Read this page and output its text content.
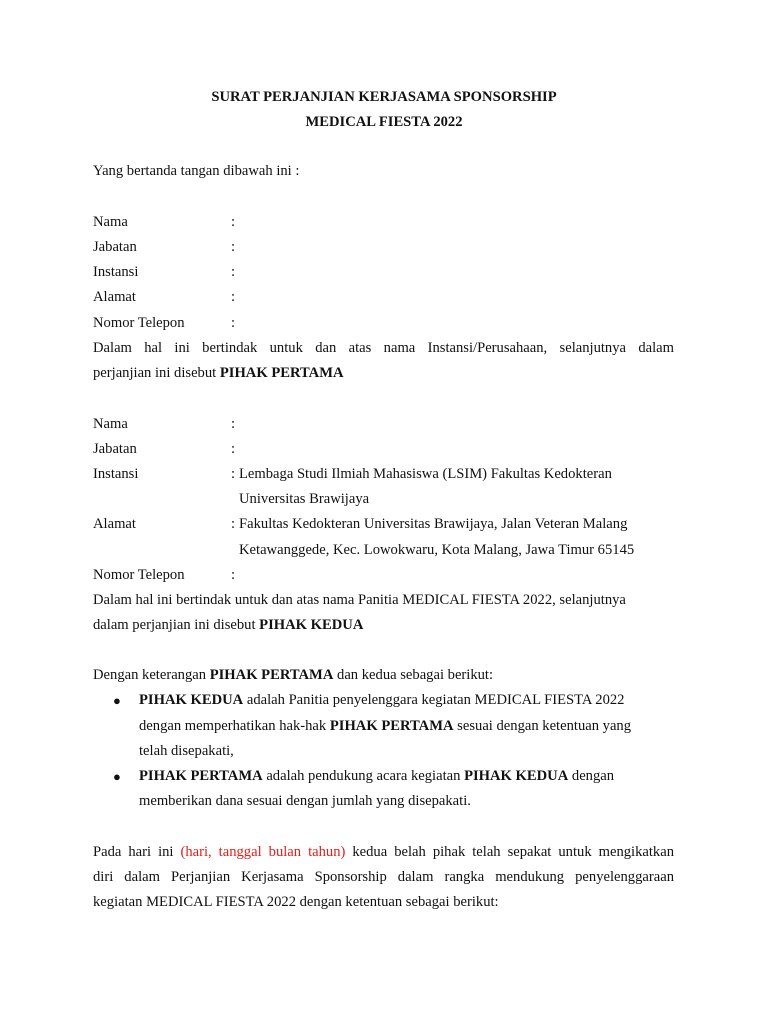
SURAT PERJANJIAN KERJASAMA SPONSORSHIP
MEDICAL FIESTA 2022
Yang bertanda tangan dibawah ini :
Nama	:
Jabatan	:
Instansi	:
Alamat	:
Nomor Telepon	:
Dalam hal ini bertindak untuk dan atas nama Instansi/Perusahaan, selanjutnya dalam
perjanjian ini disebut PIHAK PERTAMA
Nama	:
Jabatan	:
Instansi	: Lembaga Studi Ilmiah Mahasiswa (LSIM) Fakultas Kedokteran
Universitas Brawijaya
Alamat	: Fakultas Kedokteran Universitas Brawijaya, Jalan Veteran Malang
Ketawanggede, Kec. Lowokwaru, Kota Malang, Jawa Timur 65145
Nomor Telepon	:
Dalam hal ini bertindak untuk dan atas nama Panitia MEDICAL FIESTA 2022, selanjutnya
dalam perjanjian ini disebut PIHAK KEDUA
Dengan keterangan PIHAK PERTAMA dan kedua sebagai berikut:
● PIHAK KEDUA adalah Panitia penyelenggara kegiatan MEDICAL FIESTA 2022
dengan memperhatikan hak-hak PIHAK PERTAMA sesuai dengan ketentuan yang
telah disepakati,
● PIHAK PERTAMA adalah pendukung acara kegiatan PIHAK KEDUA dengan
memberikan dana sesuai dengan jumlah yang disepakati.
Pada hari ini (hari, tanggal bulan tahun) kedua belah pihak telah sepakat untuk mengikatkan
diri dalam Perjanjian Kerjasama Sponsorship dalam rangka mendukung penyelenggaraan
kegiatan MEDICAL FIESTA 2022 dengan ketentuan sebagai berikut:
